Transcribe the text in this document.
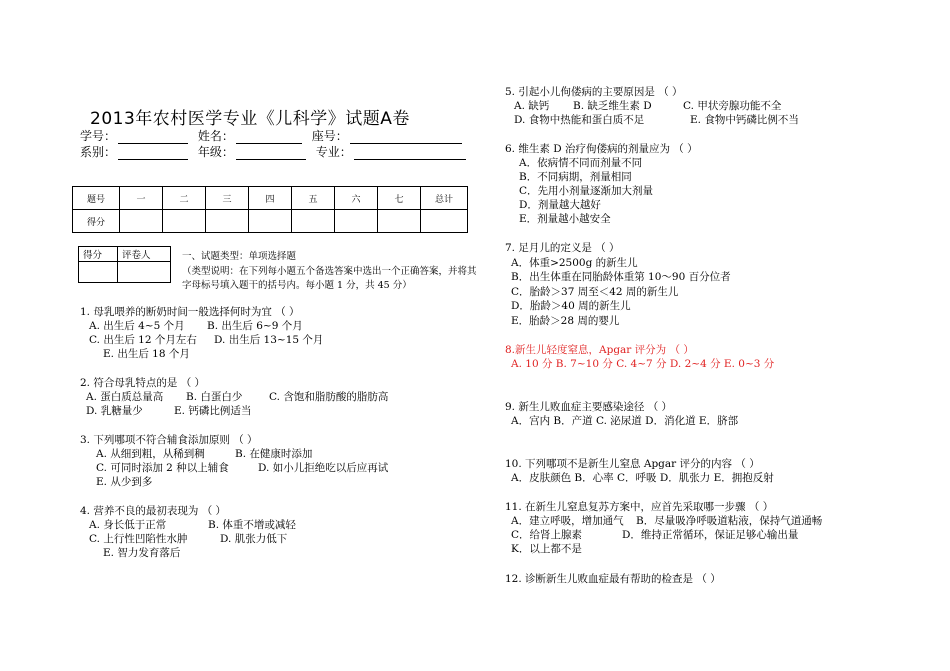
2013年农村医学专业《儿科学》试题A卷
学号：	姓名：	座号：
系别：	年级：	专业：
题号	一	二	三	四	五	六	七	总计
得分								
得分	评卷人
		一、试题类型：单项选择题
（类型说明：在下列每小题五个备选答案中选出一个正确答案，并将其
字母标号填入题干的括号内。每小题 1 分，共 45 分）
1. 母乳喂养的断奶时间一般选择何时为宜 （ ）
A. 出生后 4~5 个月 B. 出生后 6~9 个月
C. 出生后 12 个月左右 D. 出生后 13~15 个月
E. 出生后 18 个月
2. 符合母乳特点的是 （ ）
A. 蛋白质总量高 B. 白蛋白少	C. 含饱和脂肪酸的脂肪高
D. 乳糖量少	E. 钙磷比例适当
3. 下列哪项不符合辅食添加原则 （ ）
A. 从细到粗，从稀到稠	B. 在健康时添加
C. 可同时添加 2 种以上辅食	D. 如小儿拒绝吃以后应再试
E. 从少到多
4. 营养不良的最初表现为 （ ）
A. 身长低于正常	B. 体重不增或减轻
C. 上行性凹陷性水肿	D. 肌张力低下
E. 智力发育落后
5. 引起小儿佝偻病的主要原因是 （ ）
A. 缺钙 B. 缺乏维生素 D	C. 甲状旁腺功能不全
D. 食物中热能和蛋白质不足	E. 食物中钙磷比例不当
6. 维生素 D 治疗佝偻病的剂量应为 （ ）
A．依病情不同而剂量不同
B．不同病期，剂量相同
C．先用小剂量逐渐加大剂量
D．剂量越大越好
E．剂量越小越安全
7. 足月儿的定义是 （ ）
A．体重>2500g 的新生儿
B．出生体重在同胎龄体重第 10～90 百分位者
C．胎龄＞37 周至＜42 周的新生儿
D．胎龄＞40 周的新生儿
E．胎龄＞28 周的婴儿
8.新生儿轻度窒息，Apgar 评分为 （ ）
A. 10 分 B. 7~10 分 C. 4~7 分 D. 2~4 分 E. 0~3 分
9. 新生儿败血症主要感染途径 （ ）
A．宫内 B．产道 C. 泌尿道 D．消化道 E．脐部
10. 下列哪项不是新生儿窒息 Apgar 评分的内容 （ ）
A．皮肤颜色 B．心率 C．呼吸 D．肌张力 E．拥抱反射
11. 在新生儿窒息复苏方案中，应首先采取哪一步骤 （ ）
A．建立呼吸，增加通气 B．尽量吸净呼吸道粘液，保持气道通畅
C．给肾上腺素	D．维持正常循环，保证足够心输出量
K．以上都不是
12. 诊断新生儿败血症最有帮助的检查是 （ ）
